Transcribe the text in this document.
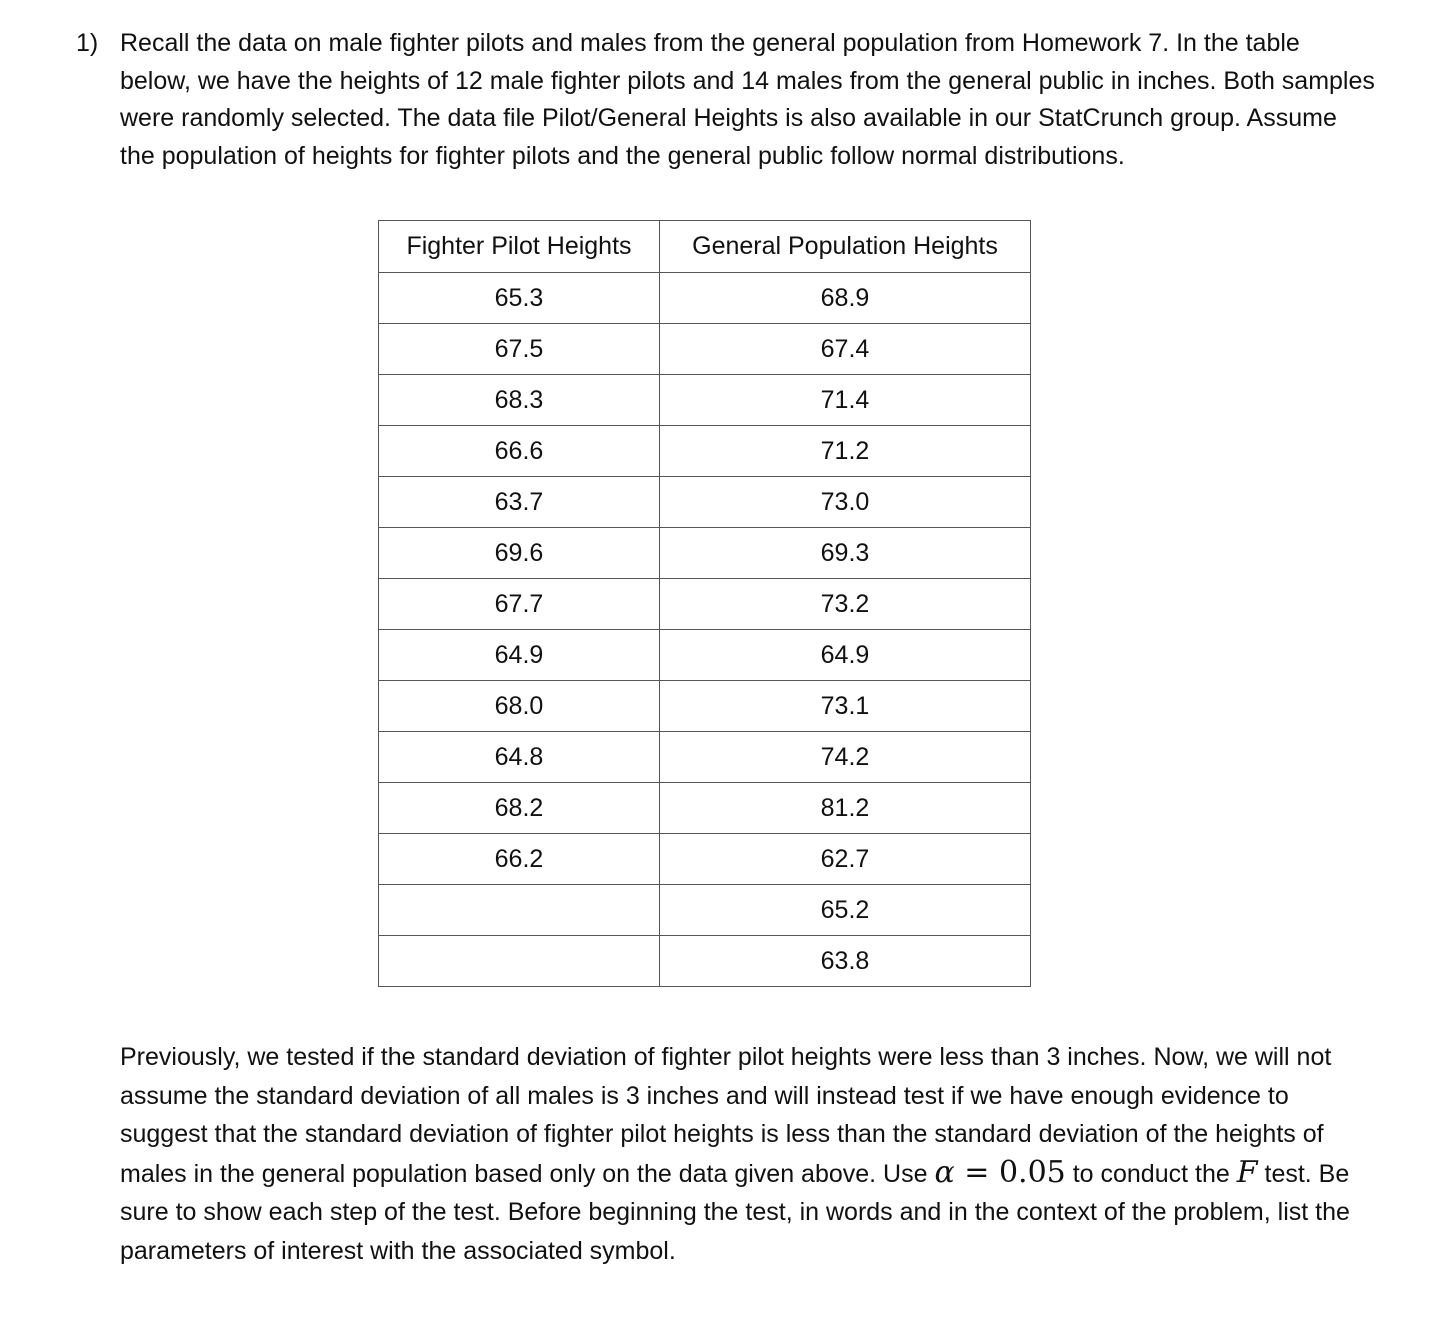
1) Recall the data on male fighter pilots and males from the general population from Homework 7. In the table below, we have the heights of 12 male fighter pilots and 14 males from the general public in inches. Both samples were randomly selected. The data file Pilot/General Heights is also available in our StatCrunch group. Assume the population of heights for fighter pilots and the general public follow normal distributions.
Fighter Pilot Heights	General Population Heights
65.3	68.9
67.5	67.4
68.3	71.4
66.6	71.2
63.7	73.0
69.6	69.3
67.7	73.2
64.9	64.9
68.0	73.1
64.8	74.2
68.2	81.2
66.2	62.7
	65.2
	63.8
Previously, we tested if the standard deviation of fighter pilot heights were less than 3 inches. Now, we will not assume the standard deviation of all males is 3 inches and will instead test if we have enough evidence to suggest that the standard deviation of fighter pilot heights is less than the standard deviation of the heights of males in the general population based only on the data given above. Use α = 0.05 to conduct the F test. Be sure to show each step of the test. Before beginning the test, in words and in the context of the problem, list the parameters of interest with the associated symbol.
